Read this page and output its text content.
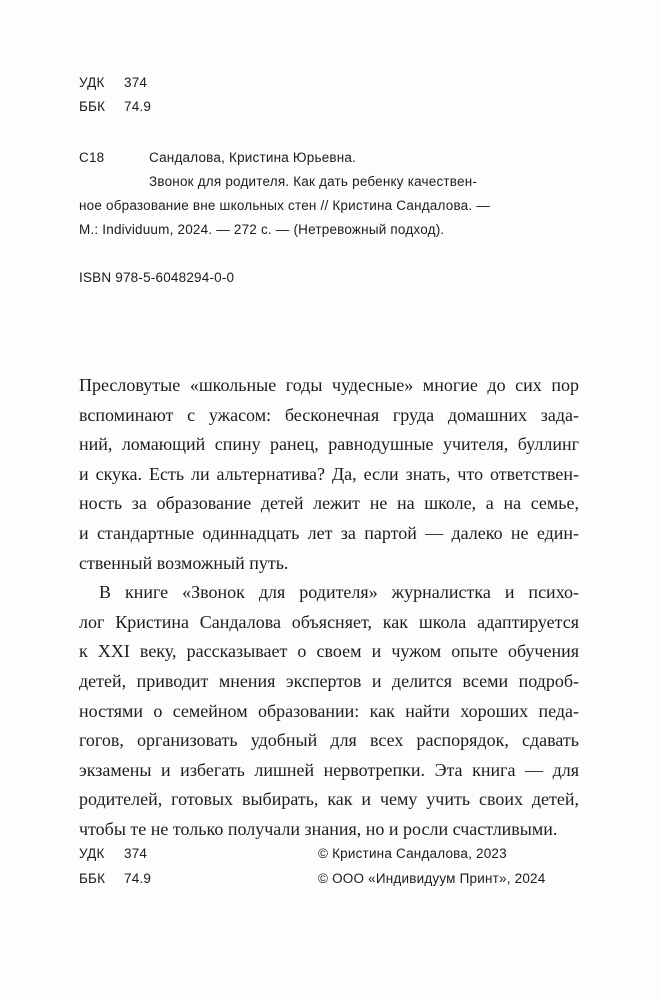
УДК 374
ББК 74.9
С18	Сандалова, Кристина Юрьевна.
Звонок для родителя. Как дать ребенку качествен-
ное образование вне школьных стен // Кристина Сандалова. —
М.: Individuum, 2024. — 272 с. — (Нетревожный подход).
ISBN 978-5-6048294-0-0
Пресловутые «школьные годы чудесные» многие до сих пор
вспоминают с ужасом: бесконечная груда домашних зада-
ний, ломающий спину ранец, равнодушные учителя, буллинг
и скука. Есть ли альтернатива? Да, если знать, что ответствен-
ность за образование детей лежит не на школе, а на семье,
и стандартные одиннадцать лет за партой — далеко не един-
ственный возможный путь.
В книге «Звонок для родителя» журналистка и психо-
лог Кристина Сандалова объясняет, как школа адаптируется
к XXI веку, рассказывает о своем и чужом опыте обучения
детей, приводит мнения экспертов и делится всеми подроб-
ностями о семейном образовании: как найти хороших педа-
гогов, организовать удобный для всех распорядок, сдавать
экзамены и избегать лишней нервотрепки. Эта книга — для
родителей, готовых выбирать, как и чему учить своих детей,
чтобы те не только получали знания, но и росли счастливыми.
УДК 374
ББК 74.9
© Кристина Сандалова, 2023
© ООО «Индивидуум Принт», 2024
